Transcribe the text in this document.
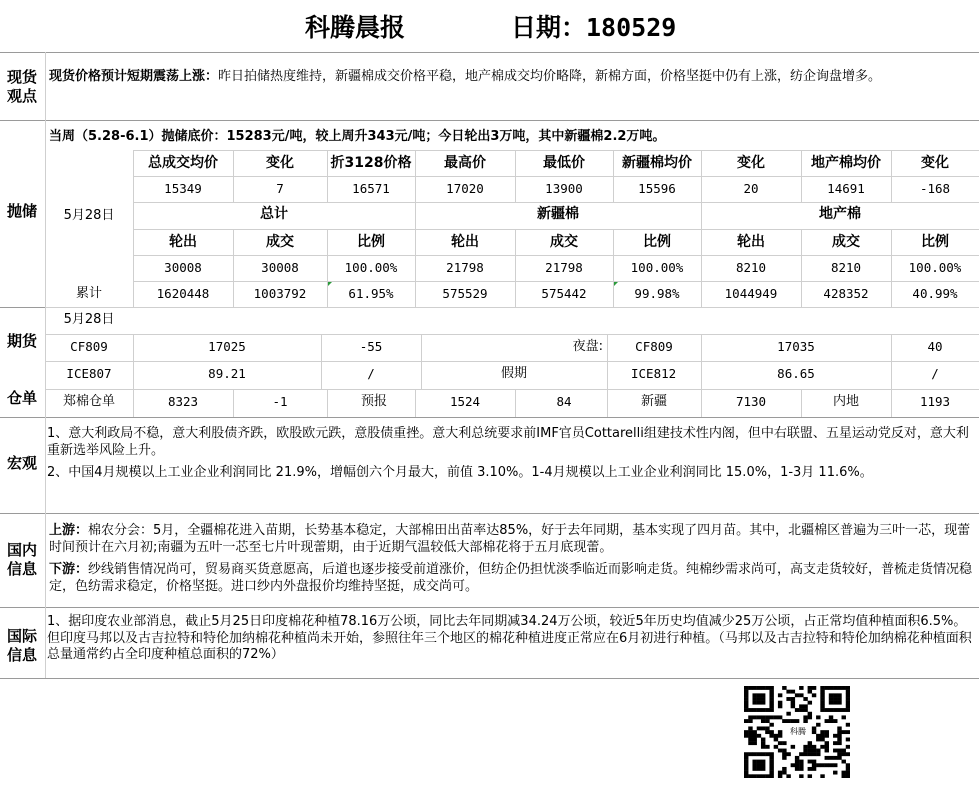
科腾晨报	日期： 180529
现货观点
现货价格预计短期震荡上涨：昨日拍储热度维持，新疆棉成交价格平稳，地产棉成交均价略降，新棉方面，价格坚挺中仍有上涨，纺企询盘增多。
抛储
当周（5.28-6.1）抛储底价：15283元/吨，较上周升343元/吨；今日轮出3万吨，其中新疆棉2.2万吨。
5月28日
总成交均价	变化	折3128价格	最高价	最低价	新疆棉均价	变化	地产棉均价	变化
15349	7	16571	17020	13900	15596	20	14691	-168
总计	新疆棉	地产棉
轮出	成交	比例	轮出	成交	比例	轮出	成交	比例
30008	30008	100.00%	21798	21798	100.00%	8210	8210	100.00%
累计	1620448	1003792	61.95%	575529	575442	99.98%	1044949	428352	40.99%
期货
5月28日
CF809	17025	-55	夜盘:	CF809	17035	40
ICE807	89.21	/	假期	ICE812	86.65	/
仓单	郑棉仓单	8323	-1	预报	1524	84	新疆	7130	内地	1193
宏观
1、意大利政局不稳，意大利股债齐跌，欧股欧元跌，意股债重挫。意大利总统要求前IMF官员Cottarelli组建技术性内阁，但中右联盟、五星运动党反对，意大利重新选举风险上升。
2、中国4月规模以上工业企业利润同比 21.9%，增幅创六个月最大，前值 3.10%。1-4月规模以上工业企业利润同比 15.0%，1-3月 11.6%。
国内信息
上游：棉农分会：5月，全疆棉花进入苗期，长势基本稳定，大部棉田出苗率达85%，好于去年同期，基本实现了四月苗。其中，北疆棉区普遍为三叶一芯，现蕾时间预计在六月初;南疆为五叶一芯至七片叶现蕾期，由于近期气温较低大部棉花将于五月底现蕾。
下游：纱线销售情况尚可，贸易商买货意愿高，后道也逐步接受前道涨价，但纺企仍担忧淡季临近而影响走货。纯棉纱需求尚可，高支走货较好，普梳走货情况稳定，色纺需求稳定，价格坚挺。进口纱内外盘报价均维持坚挺，成交尚可。
国际信息
1、据印度农业部消息，截止5月25日印度棉花种植78.16万公顷，同比去年同期减34.24万公顷，较近5年历史均值减少25万公顷，占正常均值种植面积6.5%。但印度马邦以及古吉拉特和特伦加纳棉花种植尚未开始，参照往年三个地区的棉花种植进度正常应在6月初进行种植。（马邦以及古吉拉特和特伦加纳棉花种植面积总量通常约占全印度种植总面积的72%）
科腾
